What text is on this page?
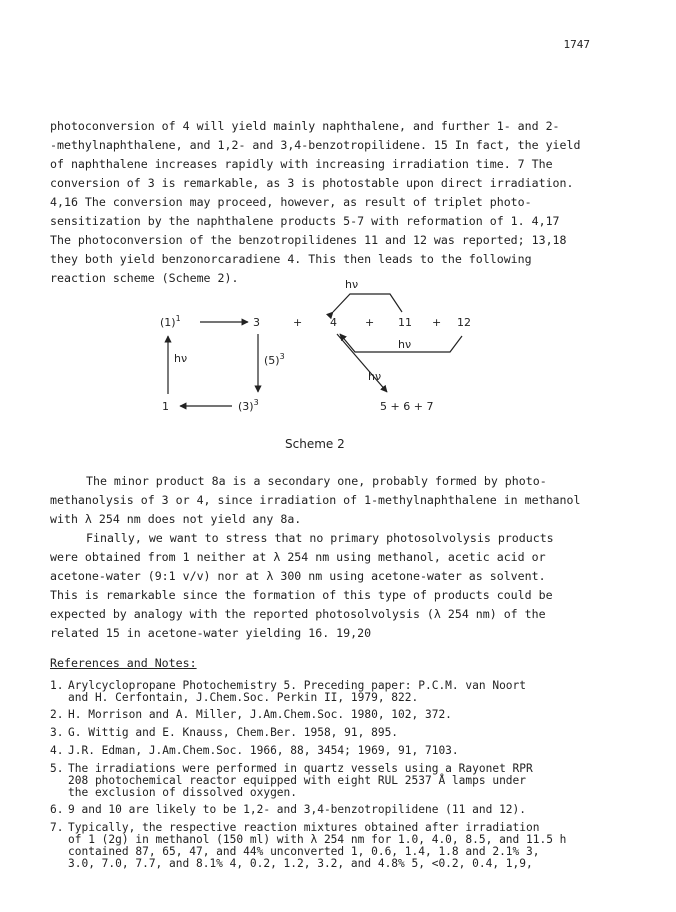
1747
photoconversion of 4 will yield mainly naphthalene, and further 1- and 2-
-methylnaphthalene, and 1,2- and 3,4-benzotropilidene. 15 In fact, the yield
of naphthalene increases rapidly with increasing irradiation time. 7 The
conversion of 3 is remarkable, as 3 is photostable upon direct irradiation.
4,16 The conversion may proceed, however, as result of triplet photo-
sensitization by the naphthalene products 5-7 with reformation of 1. 4,17
The photoconversion of the benzotropilidenes 11 and 12 was reported; 13,18
they both yield benzonorcaradiene 4. This then leads to the following
reaction scheme (Scheme 2).
$(1)^1$	3	+	4	+ 11 + 12
hν
hν
hν
5 + 6 + 7
hν	$(5)^3$
1	$(3)^3$
Scheme 2
The minor product 8a is a secondary one, probably formed by photo-
methanolysis of 3 or 4, since irradiation of 1-methylnaphthalene in methanol
with λ 254 nm does not yield any 8a.
Finally, we want to stress that no primary photosolvolysis products
were obtained from 1 neither at λ 254 nm using methanol, acetic acid or
acetone-water (9:1 v/v) nor at λ 300 nm using acetone-water as solvent.
This is remarkable since the formation of this type of products could be
expected by analogy with the reported photosolvolysis (λ 254 nm) of the
related 15 in acetone-water yielding 16. 19,20
References and Notes:
1. Arylcyclopropane Photochemistry 5. Preceding paper: P.C.M. van Noort
and H. Cerfontain, J.Chem.Soc. Perkin II, 1979, 822.
2. H. Morrison and A. Miller, J.Am.Chem.Soc. 1980, 102, 372.
3. G. Wittig and E. Knauss, Chem.Ber. 1958, 91, 895.
4. J.R. Edman, J.Am.Chem.Soc. 1966, 88, 3454; 1969, 91, 7103.
5. The irradiations were performed in quartz vessels using a Rayonet RPR
208 photochemical reactor equipped with eight RUL 2537 Å lamps under
the exclusion of dissolved oxygen.
6. 9 and 10 are likely to be 1,2- and 3,4-benzotropilidene (11 and 12).
7. Typically, the respective reaction mixtures obtained after irradiation
of 1 (2g) in methanol (150 ml) with λ 254 nm for 1.0, 4.0, 8.5, and 11.5 h
contained 87, 65, 47, and 44% unconverted 1, 0.6, 1.4, 1.8 and 2.1% 3,
3.0, 7.0, 7.7, and 8.1% 4, 0.2, 1.2, 3.2, and 4.8% 5, <0.2, 0.4, 1,9,
